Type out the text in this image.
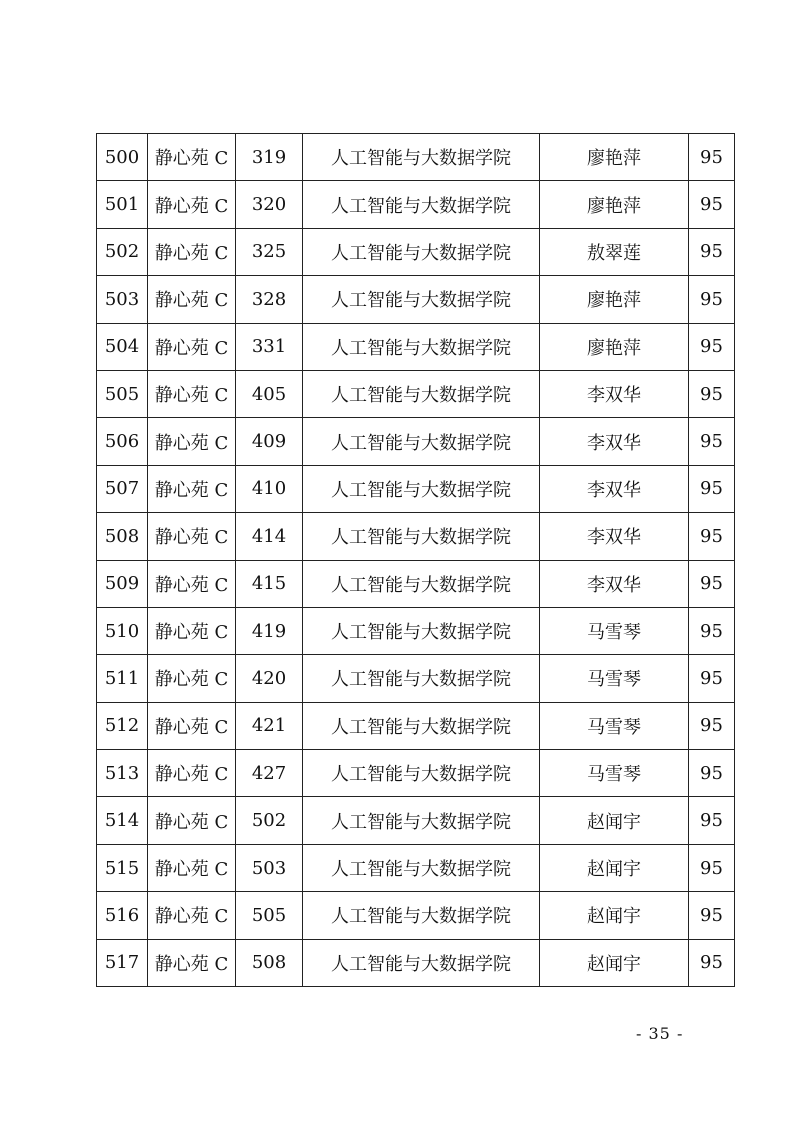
500	静心苑 C	319	人工智能与大数据学院	廖艳萍	95
501	静心苑 C	320	人工智能与大数据学院	廖艳萍	95
502	静心苑 C	325	人工智能与大数据学院	敖翠莲	95
503	静心苑 C	328	人工智能与大数据学院	廖艳萍	95
504	静心苑 C	331	人工智能与大数据学院	廖艳萍	95
505	静心苑 C	405	人工智能与大数据学院	李双华	95
506	静心苑 C	409	人工智能与大数据学院	李双华	95
507	静心苑 C	410	人工智能与大数据学院	李双华	95
508	静心苑 C	414	人工智能与大数据学院	李双华	95
509	静心苑 C	415	人工智能与大数据学院	李双华	95
510	静心苑 C	419	人工智能与大数据学院	马雪琴	95
511	静心苑 C	420	人工智能与大数据学院	马雪琴	95
512	静心苑 C	421	人工智能与大数据学院	马雪琴	95
513	静心苑 C	427	人工智能与大数据学院	马雪琴	95
514	静心苑 C	502	人工智能与大数据学院	赵闻宇	95
515	静心苑 C	503	人工智能与大数据学院	赵闻宇	95
516	静心苑 C	505	人工智能与大数据学院	赵闻宇	95
517	静心苑 C	508	人工智能与大数据学院	赵闻宇	95
- 35 -
